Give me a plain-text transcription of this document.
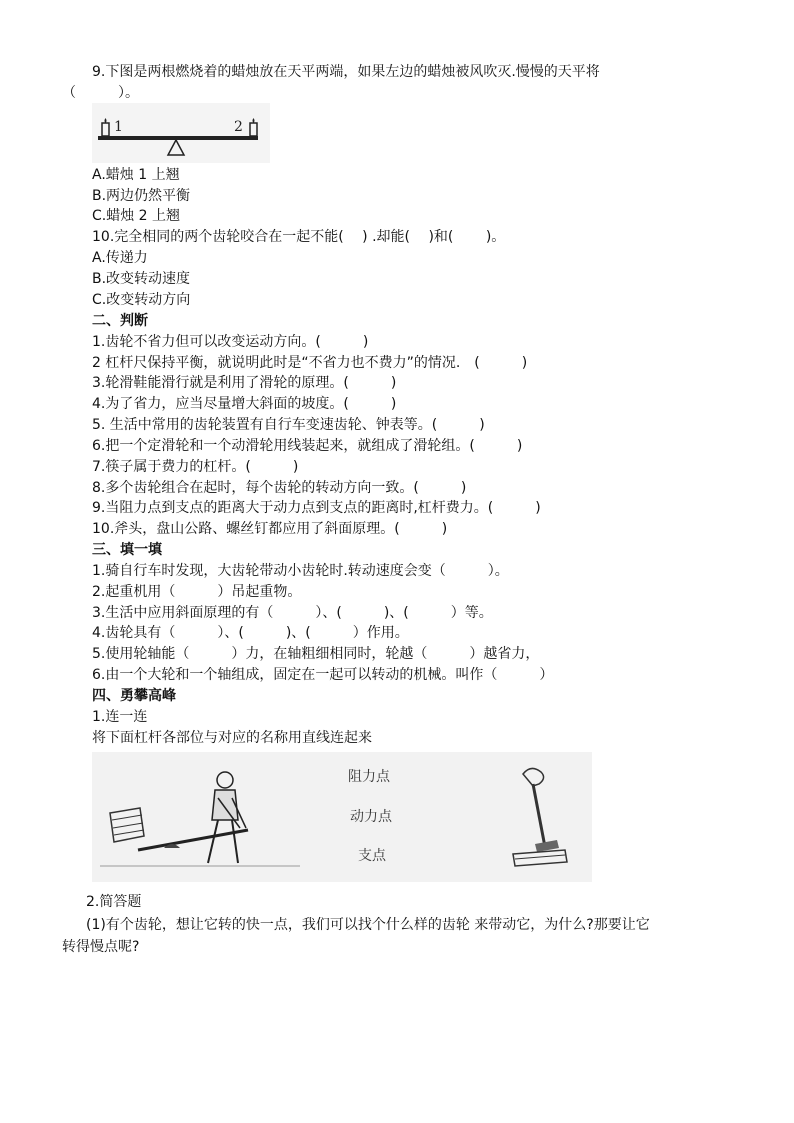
9.下图是两根燃烧着的蜡烛放在天平两端，如果左边的蜡烛被风吹灭.慢慢的天平将
（　　　）。
1	2
A.蜡烛 1 上翘
B.两边仍然平衡
C.蜡烛 2 上翘
10.完全相同的两个齿轮咬合在一起不能(　 ) .却能(　 )和(　　 )。
A.传递力
B.改变转动速度
C.改变转动方向
二、判断
1.齿轮不省力但可以改变运动方向。(　　　)
2 杠杆尺保持平衡，就说明此时是“不省力也不费力”的情况.　(　　　)
3.轮滑鞋能滑行就是利用了滑轮的原理。(　　　)
4.为了省力，应当尽量增大斜面的坡度。(　　　)
5. 生活中常用的齿轮装置有自行车变速齿轮、钟表等。(　　　)
6.把一个定滑轮和一个动滑轮用线装起来，就组成了滑轮组。(　　　)
7.筷子属于费力的杠杆。(　　　)
8.多个齿轮组合在起时，每个齿轮的转动方向一致。(　　　)
9.当阻力点到支点的距离大于动力点到支点的距离时,杠杆费力。(　　　)
10.斧头，盘山公路、螺丝钉都应用了斜面原理。(　　　)
三、填一填
1.骑自行车时发现，大齿轮带动小齿轮时.转动速度会变（　　　）。
2.起重机用（　　　）吊起重物。
3.生活中应用斜面原理的有（　　　）、(　　　)、(　　　）等。
4.齿轮具有（　　　）、(　　　)、(　　　）作用。
5.使用轮轴能（　　　）力，在轴粗细相同时，轮越（　　　）越省力，
6.由一个大轮和一个轴组成，固定在一起可以转动的机械。叫作（　　　）
四、勇攀高峰
1.连一连
将下面杠杆各部位与对应的名称用直线连起来
阻力点
动力点
支点
2.简答题
(1)有个齿轮，想让它转的快一点，我们可以找个什么样的齿轮 来带动它，为什么?那要让它
转得慢点呢?
